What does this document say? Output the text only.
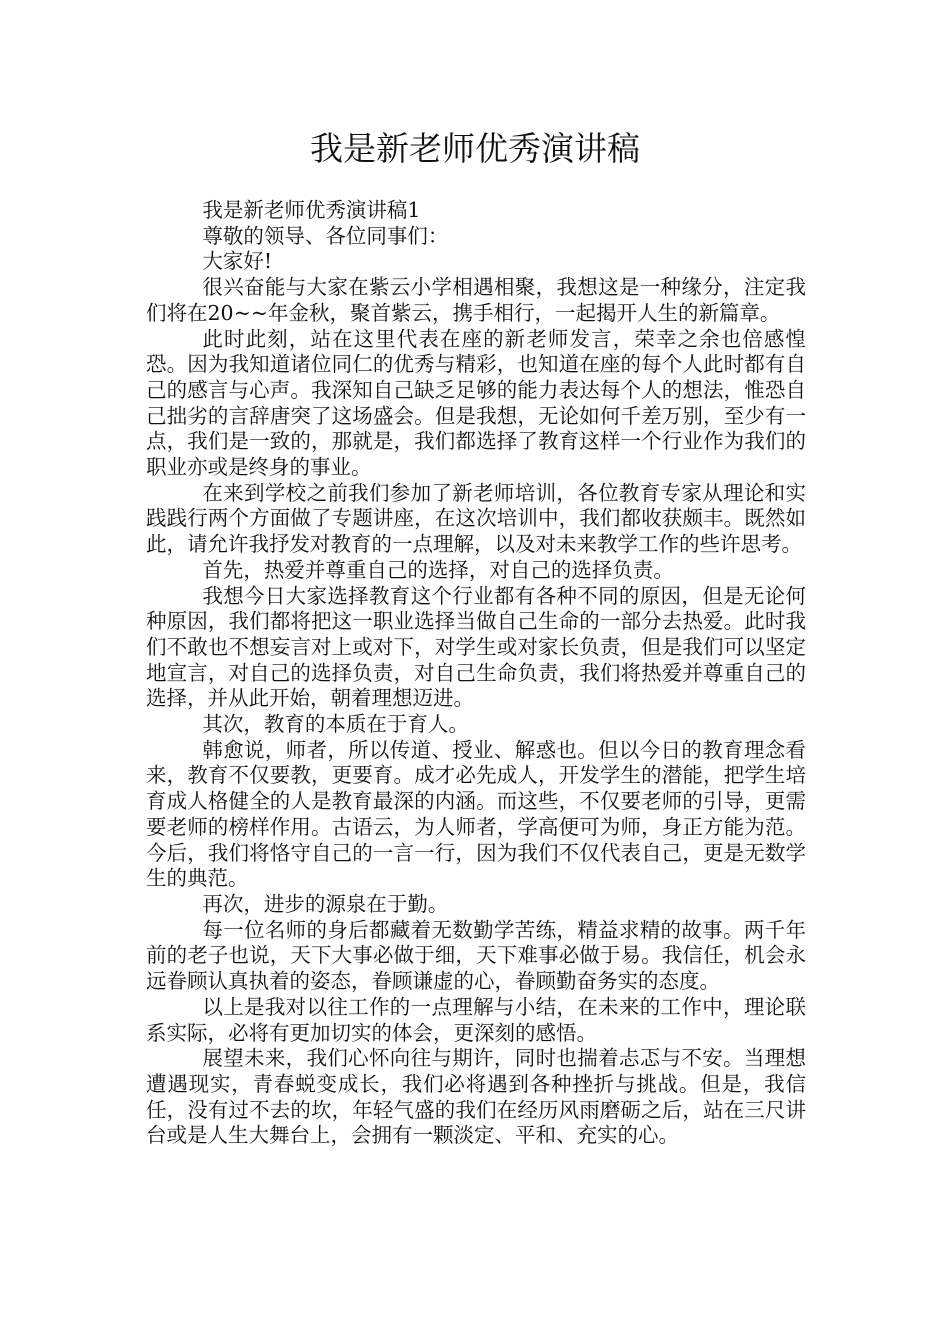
我是新老师优秀演讲稿

我是新老师优秀演讲稿1

尊敬的领导、各位同事们：

大家好!

很兴奋能与大家在紫云小学相遇相聚，我想这是一种缘分，注定我们将在20~~年金秋，聚首紫云，携手相行，一起揭开人生的新篇章。

此时此刻，站在这里代表在座的新老师发言，荣幸之余也倍感惶恐。因为我知道诸位同仁的优秀与精彩，也知道在座的每个人此时都有自己的感言与心声。我深知自己缺乏足够的能力表达每个人的想法，惟恐自己拙劣的言辞唐突了这场盛会。但是我想，无论如何千差万别，至少有一点，我们是一致的，那就是，我们都选择了教育这样一个行业作为我们的职业亦或是终身的事业。

在来到学校之前我们参加了新老师培训，各位教育专家从理论和实践践行两个方面做了专题讲座，在这次培训中，我们都收获颇丰。既然如此，请允许我抒发对教育的一点理解，以及对未来教学工作的些许思考。

首先，热爱并尊重自己的选择，对自己的选择负责。

我想今日大家选择教育这个行业都有各种不同的原因，但是无论何种原因，我们都将把这一职业选择当做自己生命的一部分去热爱。此时我们不敢也不想妄言对上或对下，对学生或对家长负责，但是我们可以坚定地宣言，对自己的选择负责，对自己生命负责，我们将热爱并尊重自己的选择，并从此开始，朝着理想迈进。

其次，教育的本质在于育人。

韩愈说，师者，所以传道、授业、解惑也。但以今日的教育理念看来，教育不仅要教，更要育。成才必先成人，开发学生的潜能，把学生培育成人格健全的人是教育最深的内涵。而这些，不仅要老师的引导，更需要老师的榜样作用。古语云，为人师者，学高便可为师，身正方能为范。今后，我们将恪守自己的一言一行，因为我们不仅代表自己，更是无数学生的典范。

再次，进步的源泉在于勤。

每一位名师的身后都藏着无数勤学苦练，精益求精的故事。两千年前的老子也说，天下大事必做于细，天下难事必做于易。我信任，机会永远眷顾认真执着的姿态，眷顾谦虚的心，眷顾勤奋务实的态度。

以上是我对以往工作的一点理解与小结，在未来的工作中，理论联系实际，必将有更加切实的体会，更深刻的感悟。

展望未来，我们心怀向往与期许，同时也揣着忐忑与不安。当理想遭遇现实，青春蜕变成长，我们必将遇到各种挫折与挑战。但是，我信任，没有过不去的坎，年轻气盛的我们在经历风雨磨砺之后，站在三尺讲台或是人生大舞台上，会拥有一颗淡定、平和、充实的心。
